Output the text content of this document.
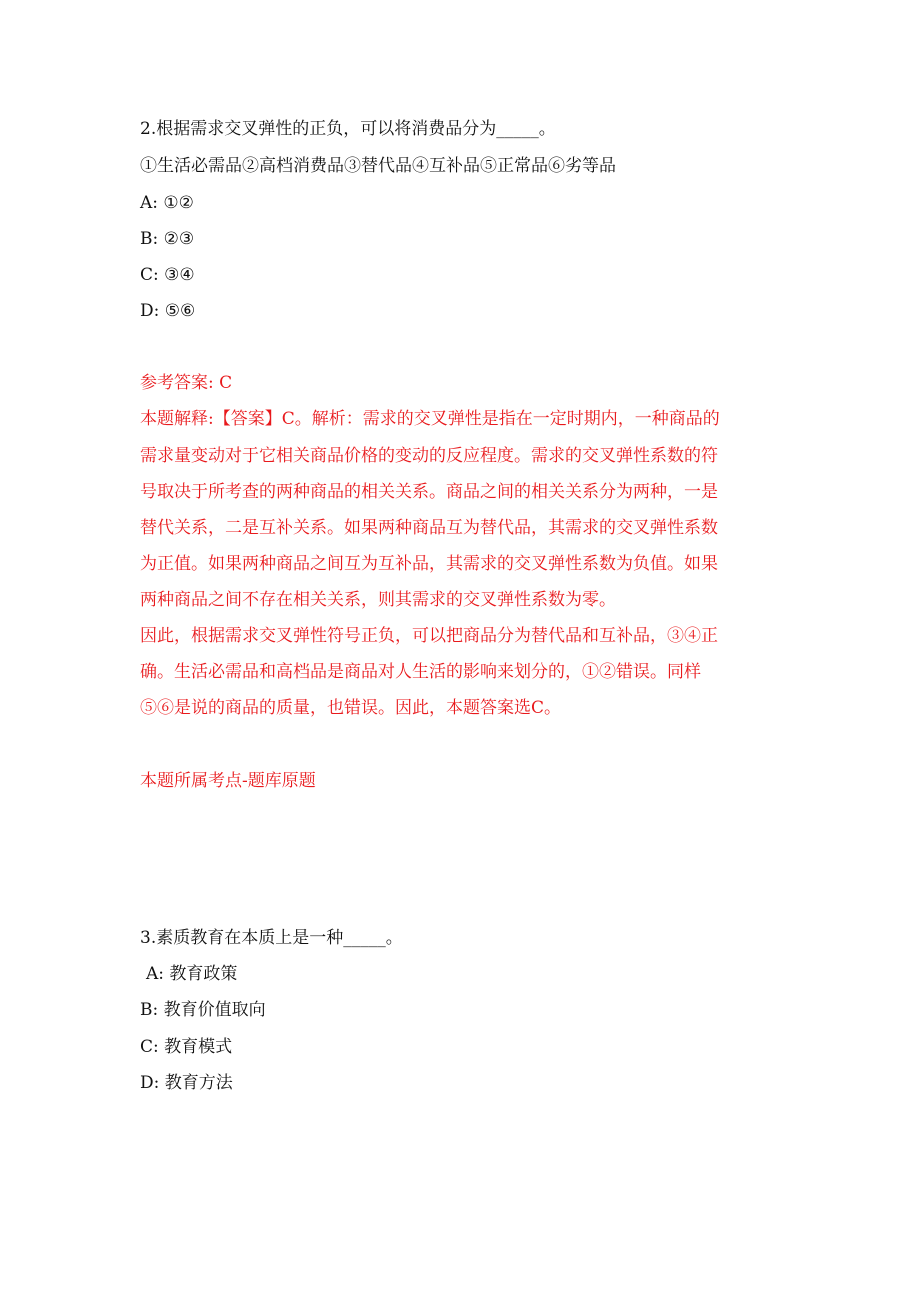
2.根据需求交叉弹性的正负，可以将消费品分为_____。
①生活必需品②高档消费品③替代品④互补品⑤正常品⑥劣等品
A: ①②
B: ②③
C: ③④
D: ⑤⑥
参考答案: C
本题解释:【答案】C。解析：需求的交叉弹性是指在一定时期内，一种商品的
需求量变动对于它相关商品价格的变动的反应程度。需求的交叉弹性系数的符
号取决于所考查的两种商品的相关关系。商品之间的相关关系分为两种，一是
替代关系，二是互补关系。如果两种商品互为替代品，其需求的交叉弹性系数
为正值。如果两种商品之间互为互补品，其需求的交叉弹性系数为负值。如果
两种商品之间不存在相关关系，则其需求的交叉弹性系数为零。
因此，根据需求交叉弹性符号正负，可以把商品分为替代品和互补品，③④正
确。生活必需品和高档品是商品对人生活的影响来划分的，①②错误。同样
⑤⑥是说的商品的质量，也错误。因此，本题答案选C。
本题所属考点-题库原题
3.素质教育在本质上是一种_____。
A: 教育政策
B: 教育价值取向
C: 教育模式
D: 教育方法
